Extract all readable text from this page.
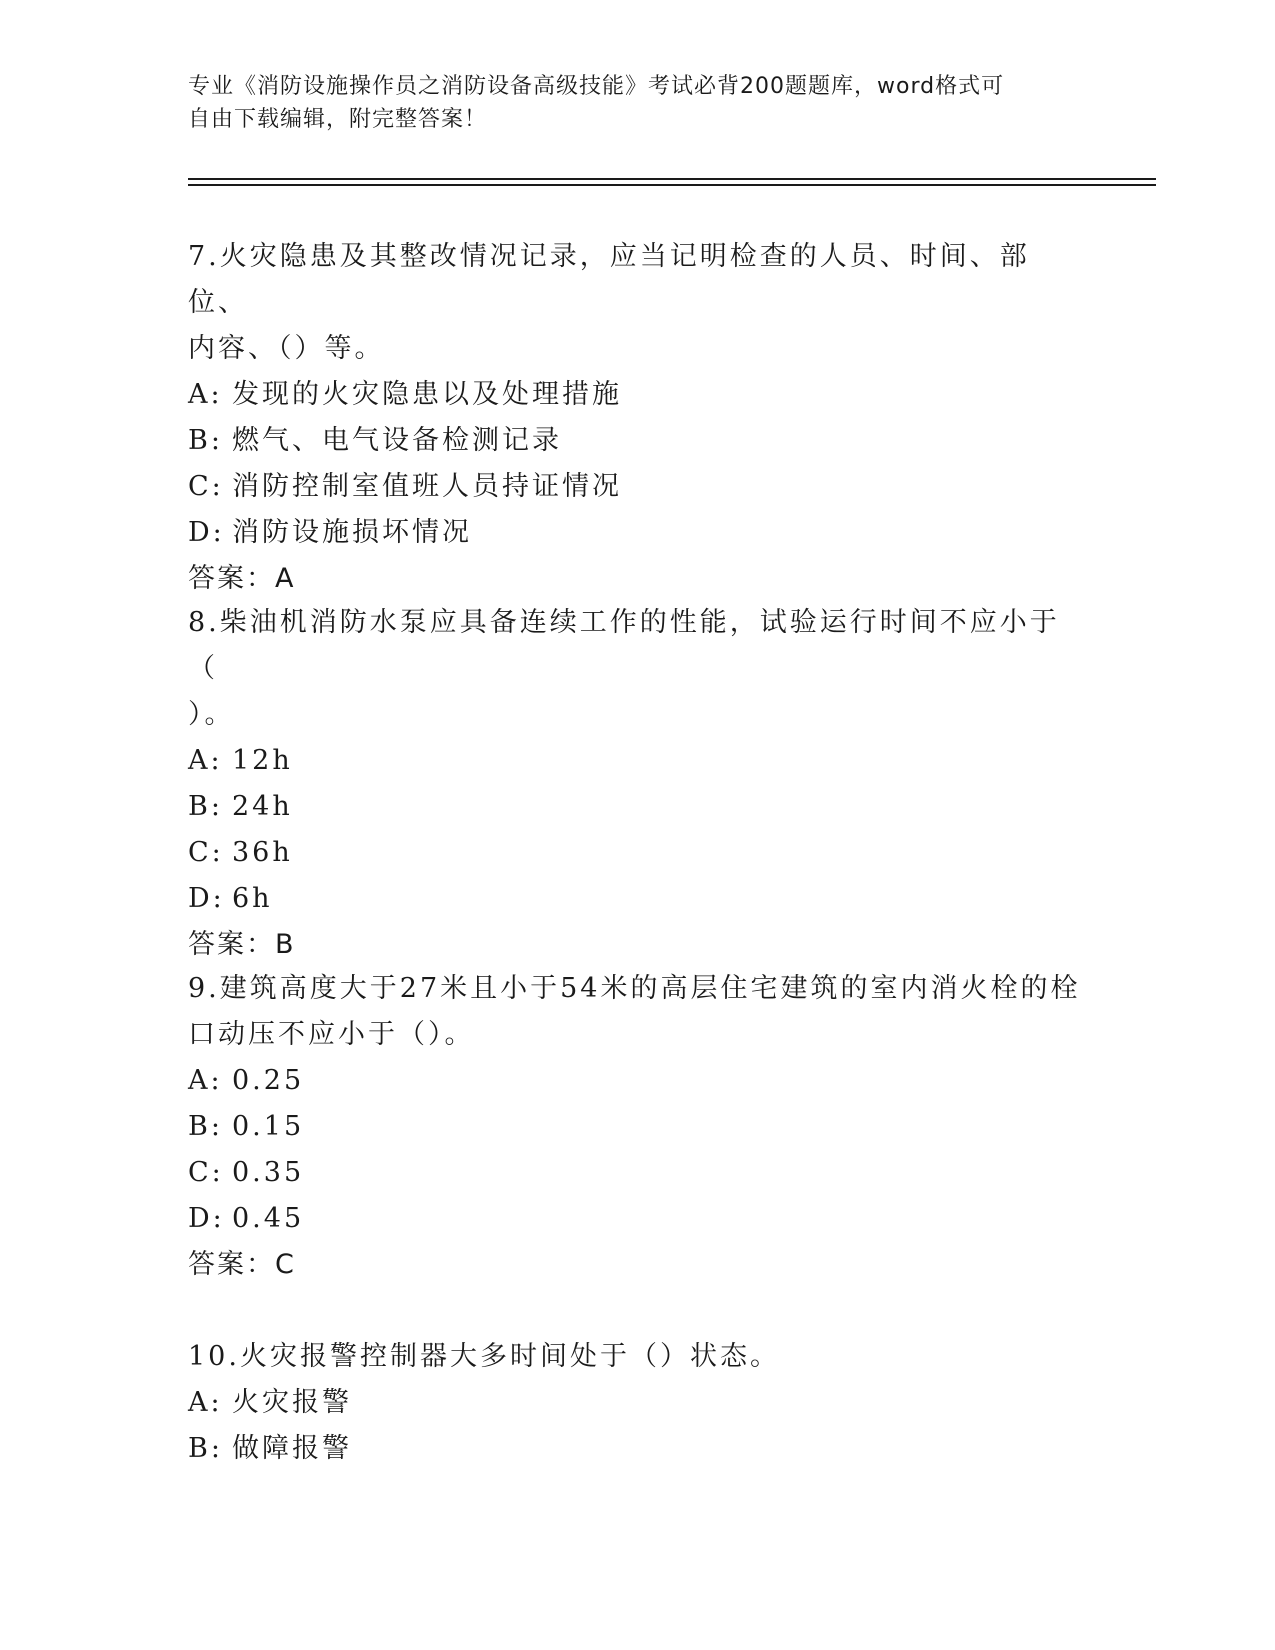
专业《消防设施操作员之消防设备高级技能》考试必背200题题库，word格式可
自由下载编辑，附完整答案！

7.火灾隐患及其整改情况记录，应当记明检查的人员、时间、部位、
内容、（）等。

A: 发现的火灾隐患以及处理措施
B: 燃气、电气设备检测记录
C: 消防控制室值班人员持证情况
D: 消防设施损坏情况
答案：A

8.柴油机消防水泵应具备连续工作的性能，试验运行时间不应小于（
）。

A: 12h
B: 24h
C: 36h
D: 6h
答案：B

9.建筑高度大于27米且小于54米的高层住宅建筑的室内消火栓的栓
口动压不应小于（）。

A: 0.25
B: 0.15
C: 0.35
D: 0.45
答案：C

10.火灾报警控制器大多时间处于（）状态。

A: 火灾报警
B: 做障报警
